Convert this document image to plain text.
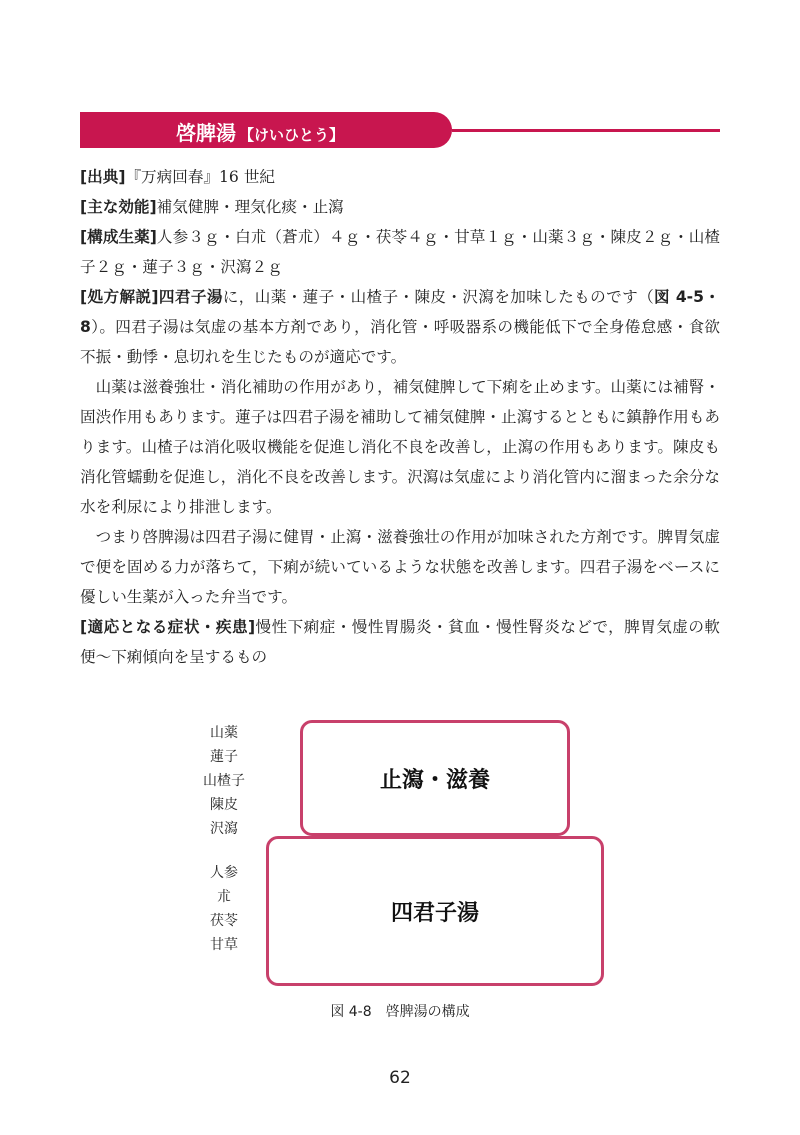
啓脾湯 【けいひとう】

[出典]『万病回春』16 世紀

[主な効能]補気健脾・理気化痰・止瀉

[構成生薬]人参３ｇ・白朮（蒼朮）４ｇ・茯苓４ｇ・甘草１ｇ・山薬３ｇ・陳皮２ｇ・山楂子２ｇ・蓮子３ｇ・沢瀉２ｇ

[処方解説]四君子湯に，山薬・蓮子・山楂子・陳皮・沢瀉を加味したものです（図 4-5・8）。四君子湯は気虚の基本方剤であり，消化管・呼吸器系の機能低下で全身倦怠感・食欲不振・動悸・息切れを生じたものが適応です。

山薬は滋養強壮・消化補助の作用があり，補気健脾して下痢を止めます。山薬には補腎・固渋作用もあります。蓮子は四君子湯を補助して補気健脾・止瀉するとともに鎮静作用もあります。山楂子は消化吸収機能を促進し消化不良を改善し，止瀉の作用もあります。陳皮も消化管蠕動を促進し，消化不良を改善します。沢瀉は気虚により消化管内に溜まった余分な水を利尿により排泄します。

つまり啓脾湯は四君子湯に健胃・止瀉・滋養強壮の作用が加味された方剤です。脾胃気虚で便を固める力が落ちて，下痢が続いているような状態を改善します。四君子湯をベースに優しい生薬が入った弁当です。

[適応となる症状・疾患]慢性下痢症・慢性胃腸炎・貧血・慢性腎炎などで，脾胃気虚の軟便〜下痢傾向を呈するもの

山薬
蓮子
山楂子
陳皮
沢瀉
人参
朮
茯苓
甘草
止瀉・滋養
四君子湯
図 4-8　啓脾湯の構成
62
